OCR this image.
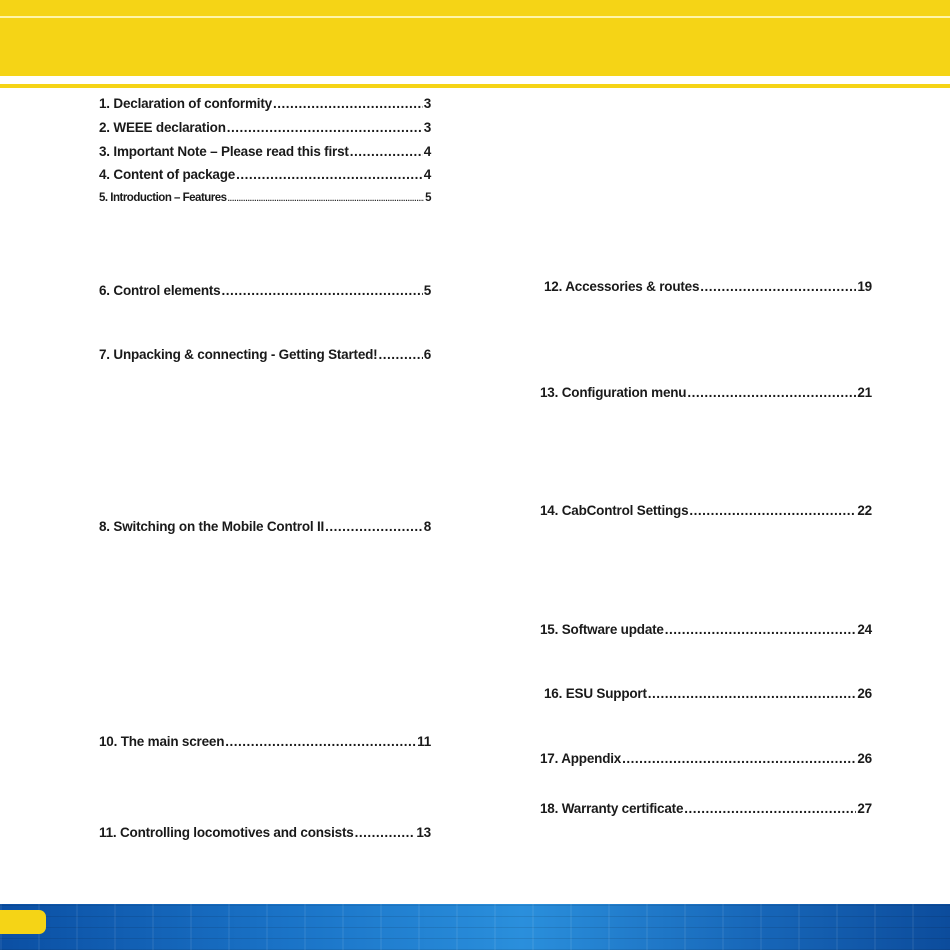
1. Declaration of conformity .....	3
2. WEEE declaration .....	3
3. Important Note – Please read this first .....	4
4. Content of package .....	4
5. Introduction – Features .....	5
6. Control elements .....	5
7. Unpacking & connecting - Getting Started! .....	6
8. Switching on the Mobile Control II .....	8
10. The main screen .....	11
11. Controlling locomotives and consists .....	13
12. Accessories & routes .....	19
13. Configuration menu .....	21
14. CabControl Settings .....	22
15. Software update .....	24
16. ESU Support .....	26
17. Appendix .....	26
18. Warranty certificate .....	27
